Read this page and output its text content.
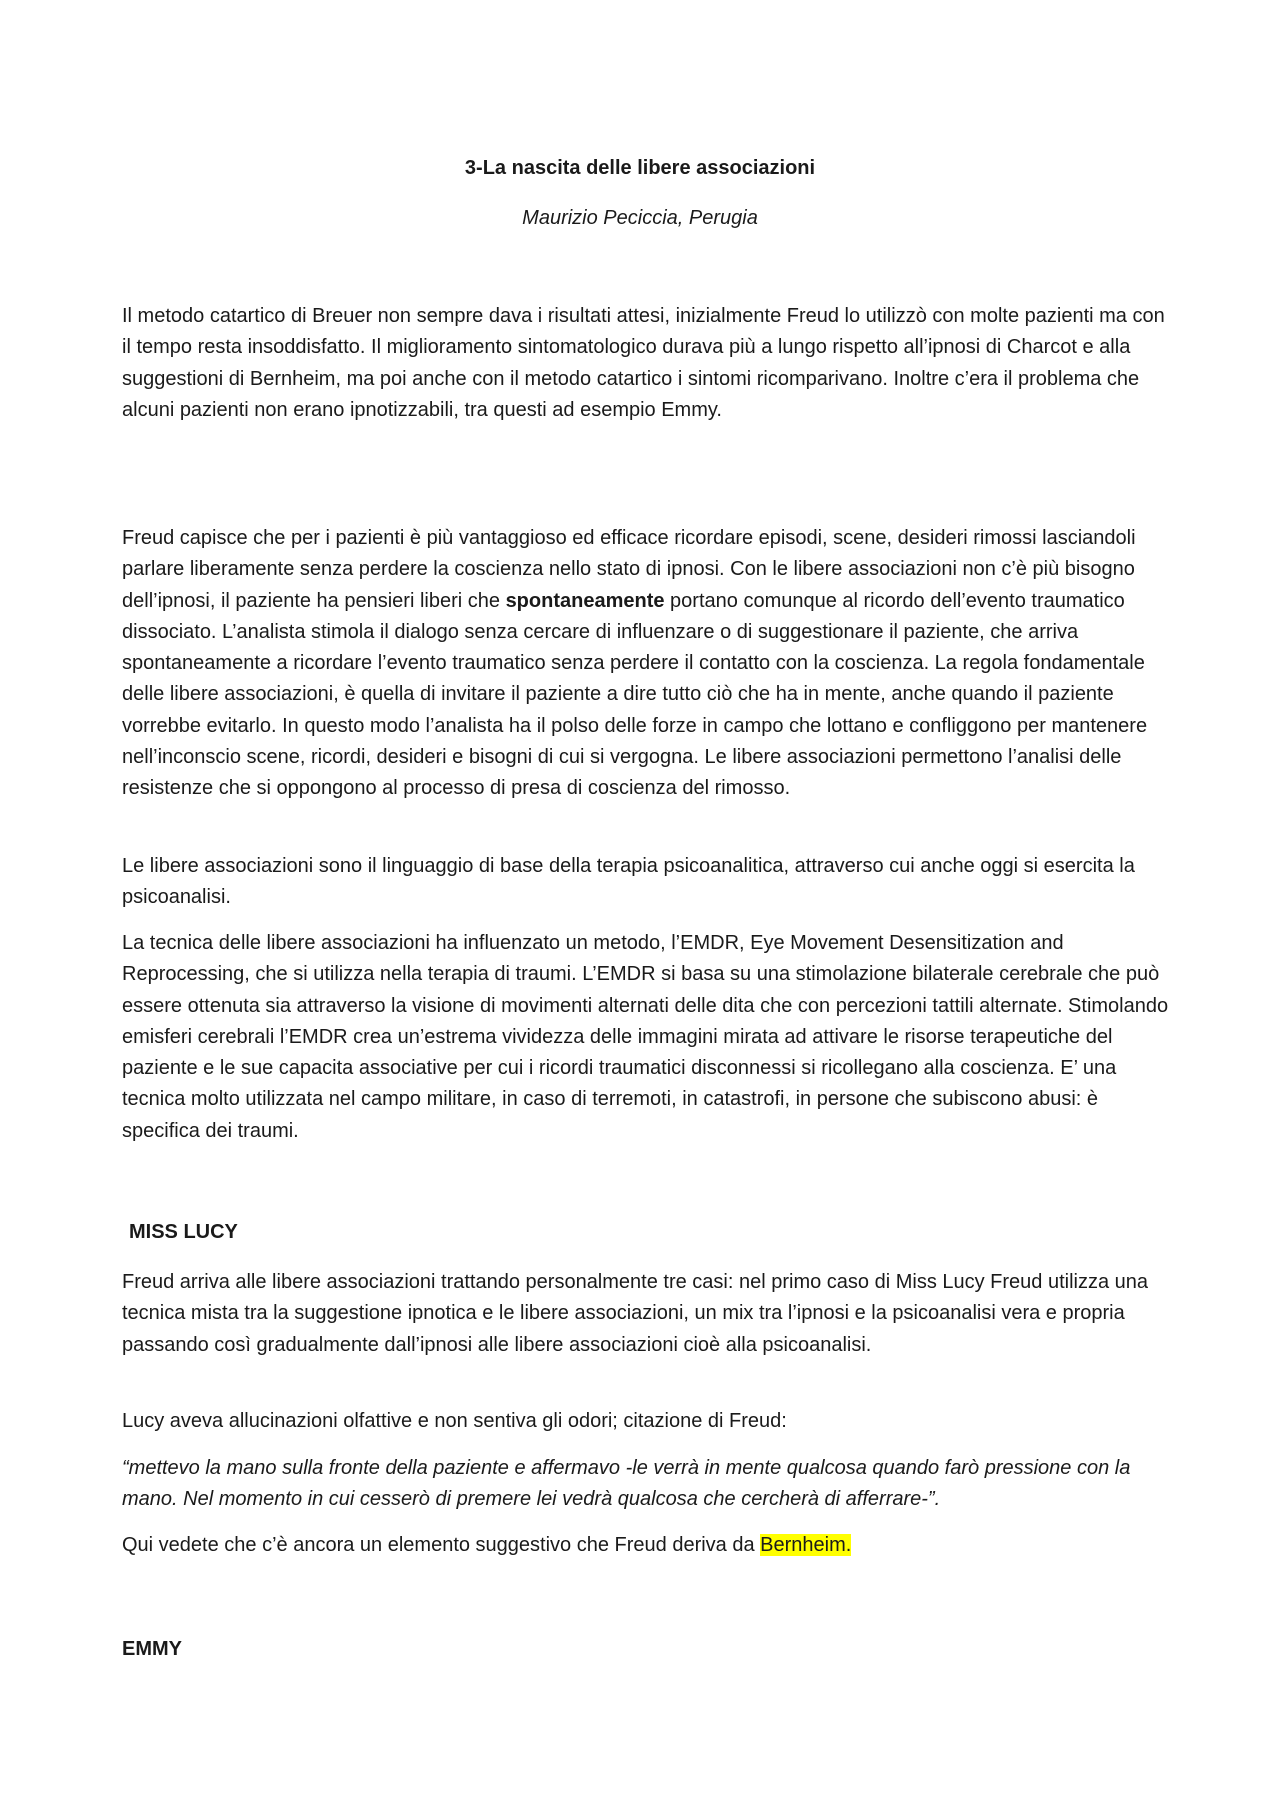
3-La nascita delle libere associazioni
Maurizio Peciccia, Perugia

Il metodo catartico di Breuer non sempre dava i risultati attesi, inizialmente Freud lo utilizzò con molte pazienti ma con il tempo resta insoddisfatto. Il miglioramento sintomatologico durava più a lungo rispetto all’ipnosi di Charcot e alla suggestioni di Bernheim, ma poi anche con il metodo catartico i sintomi ricomparivano. Inoltre c’era il problema che alcuni pazienti non erano ipnotizzabili, tra questi ad esempio Emmy.

Freud capisce che per i pazienti è più vantaggioso ed efficace ricordare episodi, scene, desideri rimossi lasciandoli parlare liberamente senza perdere la coscienza nello stato di ipnosi. Con le libere associazioni non c’è più bisogno dell’ipnosi, il paziente ha pensieri liberi che spontaneamente portano comunque al ricordo dell’evento traumatico dissociato. L’analista stimola il dialogo senza cercare di influenzare o di suggestionare il paziente, che arriva spontaneamente a ricordare l’evento traumatico senza perdere il contatto con la coscienza. La regola fondamentale delle libere associazioni, è quella di invitare il paziente a dire tutto ciò che ha in mente, anche quando il paziente vorrebbe evitarlo. In questo modo l’analista ha il polso delle forze in campo che lottano e confliggono per mantenere nell’inconscio scene, ricordi, desideri e bisogni di cui si vergogna. Le libere associazioni permettono l’analisi delle resistenze che si oppongono al processo di presa di coscienza del rimosso.

Le libere associazioni sono il linguaggio di base della terapia psicoanalitica, attraverso cui anche oggi si esercita la psicoanalisi.

La tecnica delle libere associazioni ha influenzato un metodo, l’EMDR, Eye Movement Desensitization and Reprocessing, che si utilizza nella terapia di traumi. L’EMDR si basa su una stimolazione bilaterale cerebrale che può essere ottenuta sia attraverso la visione di movimenti alternati delle dita che con percezioni tattili alternate. Stimolando emisferi cerebrali l’EMDR crea un’estrema vividezza delle immagini mirata ad attivare le risorse terapeutiche del paziente e le sue capacita associative per cui i ricordi traumatici disconnessi si ricollegano alla coscienza. E’ una tecnica molto utilizzata nel campo militare, in caso di terremoti, in catastrofi, in persone che subiscono abusi: è specifica dei traumi.

MISS LUCY

Freud arriva alle libere associazioni trattando personalmente tre casi: nel primo caso di Miss Lucy Freud utilizza una tecnica mista tra la suggestione ipnotica e le libere associazioni, un mix tra l’ipnosi e la psicoanalisi vera e propria passando così gradualmente dall’ipnosi alle libere associazioni cioè alla psicoanalisi.

Lucy aveva allucinazioni olfattive e non sentiva gli odori; citazione di Freud:

“mettevo la mano sulla fronte della paziente e affermavo -le verrà in mente qualcosa quando farò pressione con la mano. Nel momento in cui cesserò di premere lei vedrà qualcosa che cercherà di afferrare-”.

Qui vedete che c’è ancora un elemento suggestivo che Freud deriva da Bernheim.

EMMY
